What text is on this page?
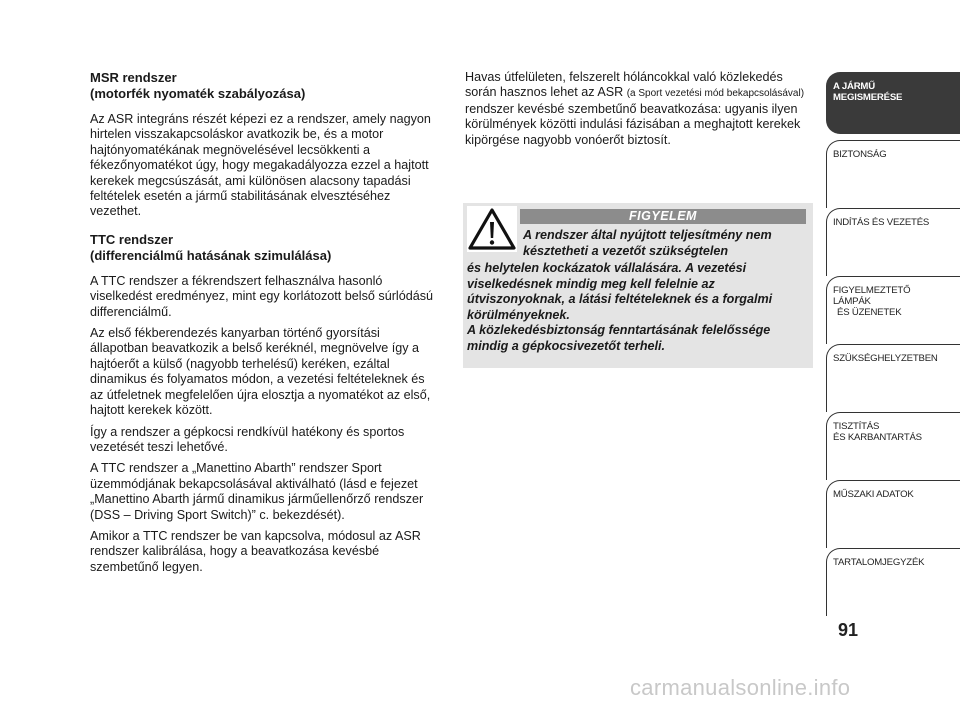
MSR rendszer
(motorfék nyomaték szabályozása)

Az ASR integráns részét képezi ez a rendszer, amely nagyon hirtelen visszakapcsoláskor avatkozik be, és a motor hajtónyomatékának megnövelésével lecsökkenti a fékezőnyomatékot úgy, hogy megakadályozza ezzel a hajtott kerekek megcsúszását, ami különösen alacsony tapadási feltételek esetén a jármű stabilitásának elvesztéséhez vezethet.

TTC rendszer
(differenciálmű hatásának szimulálása)

A TTC rendszer a fékrendszert felhasználva hasonló viselkedést eredményez, mint egy korlátozott belső súrlódású differenciálmű.

Az első fékberendezés kanyarban történő gyorsítási állapotban beavatkozik a belső keréknél, megnövelve így a hajtóerőt a külső (nagyobb terhelésű) keréken, ezáltal dinamikus és folyamatos módon, a vezetési feltételeknek és az útfeletnek megfelelően újra elosztja a nyomatékot az első, hajtott kerekek között.

Így a rendszer a gépkocsi rendkívül hatékony és sportos vezetését teszi lehetővé.

A TTC rendszer a „Manettino Abarth” rendszer Sport üzemmódjának bekapcsolásával aktiválható (lásd e fejezet „Manettino Abarth jármű dinamikus járműellenőrző rendszer (DSS – Driving Sport Switch)” c. bekezdését).

Amikor a TTC rendszer be van kapcsolva, módosul az ASR rendszer kalibrálása, hogy a beavatkozása kevésbé szembetűnő legyen.

Havas útfelületen, felszerelt hóláncokkal való közlekedés során hasznos lehet az ASR (a Sport vezetési mód bekapcsolásával) rendszer kevésbé szembetűnő beavatkozása: ugyanis ilyen körülmények közötti indulási fázisában a meghajtott kerekek kipörgése nagyobb vonóerőt biztosít.

FIGYELEM
A rendszer által nyújtott teljesítmény nem késztetheti a vezetőt szükségtelen

és helytelen kockázatok vállalására. A vezetési viselkedésnek mindig meg kell felelnie az útviszonyoknak, a látási feltételeknek és a forgalmi körülményeknek.

A közlekedésbiztonság fenntartásának felelőssége mindig a gépkocsivezetőt terheli.

A JÁRMŰ
MEGISMERÉSE
BIZTONSÁG
INDÍTÁS ÉS VEZETÉS
FIGYELMEZTETŐ
LÁMPÁK
ÉS ÜZENETEK
SZÜKSÉGHELYZETBEN
TISZTÍTÁS
ÉS KARBANTARTÁS
MŰSZAKI ADATOK
TARTALOMJEGYZÉK
91
carmanualsonline.info
